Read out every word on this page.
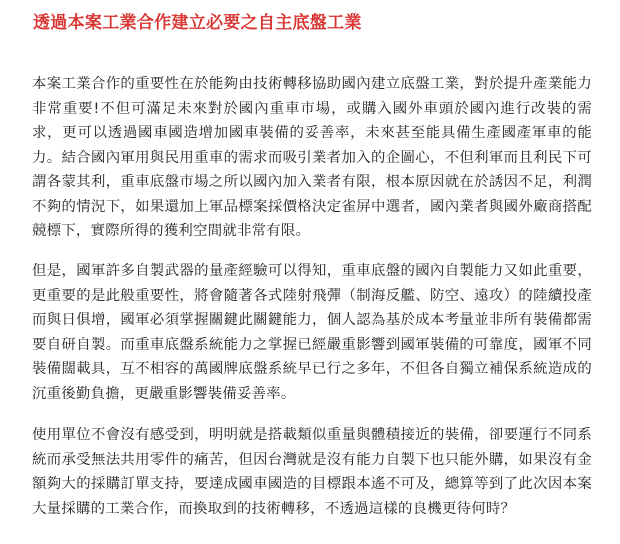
透過本案工業合作建立必要之自主底盤工業

本案工業合作的重要性在於能夠由技術轉移協助國內建立底盤工業，對於提升產業能力非常重要!不但可滿足未來對於國內重車市場，或購入國外車頭於國內進行改裝的需求，更可以透過國車國造增加國車裝備的妥善率，未來甚至能具備生產國產軍車的能力。結合國內軍用與民用重車的需求而吸引業者加入的企圖心，不但利軍而且利民下可謂各蒙其利，重車底盤市場之所以國內加入業者有限，根本原因就在於誘因不足，利潤不夠的情況下，如果還加上軍品標案採價格決定雀屏中選者，國內業者與國外廠商搭配競標下，實際所得的獲利空間就非常有限。

但是，國軍許多自製武器的量產經驗可以得知，重車底盤的國內自製能力又如此重要，更重要的是此般重要性，將會隨著各式陸射飛彈（制海反艦、防空、遠攻）的陸續投產而與日俱增，國軍必須掌握關鍵此關鍵能力，個人認為基於成本考量並非所有裝備都需要自研自製。而重車底盤系統能力之掌握已經嚴重影響到國軍裝備的可靠度，國軍不同裝備闊載具，互不相容的萬國牌底盤系統早已行之多年，不但各自獨立補保系統造成的沉重後勤負擔，更嚴重影響裝備妥善率。

使用單位不會沒有感受到，明明就是搭載類似重量與體積接近的裝備，卻要運行不同系統而承受無法共用零件的痛苦，但因台灣就是沒有能力自製下也只能外購，如果沒有金額夠大的採購訂單支持，要達成國車國造的目標跟本遙不可及，總算等到了此次因本案大量採購的工業合作，而換取到的技術轉移，不透過這樣的良機更待何時？
